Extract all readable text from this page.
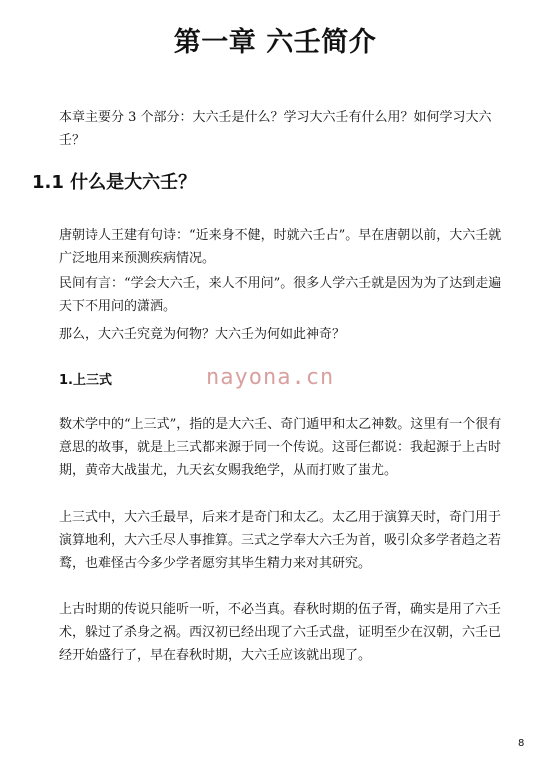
第一章 六壬简介
本章主要分 3 个部分：大六壬是什么？学习大六壬有什么用？如何学习大六壬？
1.1 什么是大六壬？
唐朝诗人王建有句诗：“近来身不健，时就六壬占”。早在唐朝以前，大六壬就广泛地用来预测疾病情况。
民间有言：“学会大六壬，来人不用问”。很多人学六壬就是因为为了达到走遍天下不用问的潇洒。
那么，大六壬究竟为何物？大六壬为何如此神奇？
1.上三式	nayona.cn
数术学中的“上三式”，指的是大六壬、奇门遁甲和太乙神数。这里有一个很有意思的故事，就是上三式都来源于同一个传说。这哥仨都说：我起源于上古时期，黄帝大战蚩尤，九天玄女赐我绝学，从而打败了蚩尤。
上三式中，大六壬最早，后来才是奇门和太乙。太乙用于演算天时，奇门用于演算地利，大六壬尽人事推算。三式之学奉大六壬为首，吸引众多学者趋之若鹜，也难怪古今多少学者愿穷其毕生精力来对其研究。
上古时期的传说只能听一听，不必当真。春秋时期的伍子胥，确实是用了六壬术，躲过了杀身之祸。西汉初已经出现了六壬式盘，证明至少在汉朝，六壬已经开始盛行了，早在春秋时期，大六壬应该就出现了。
8
